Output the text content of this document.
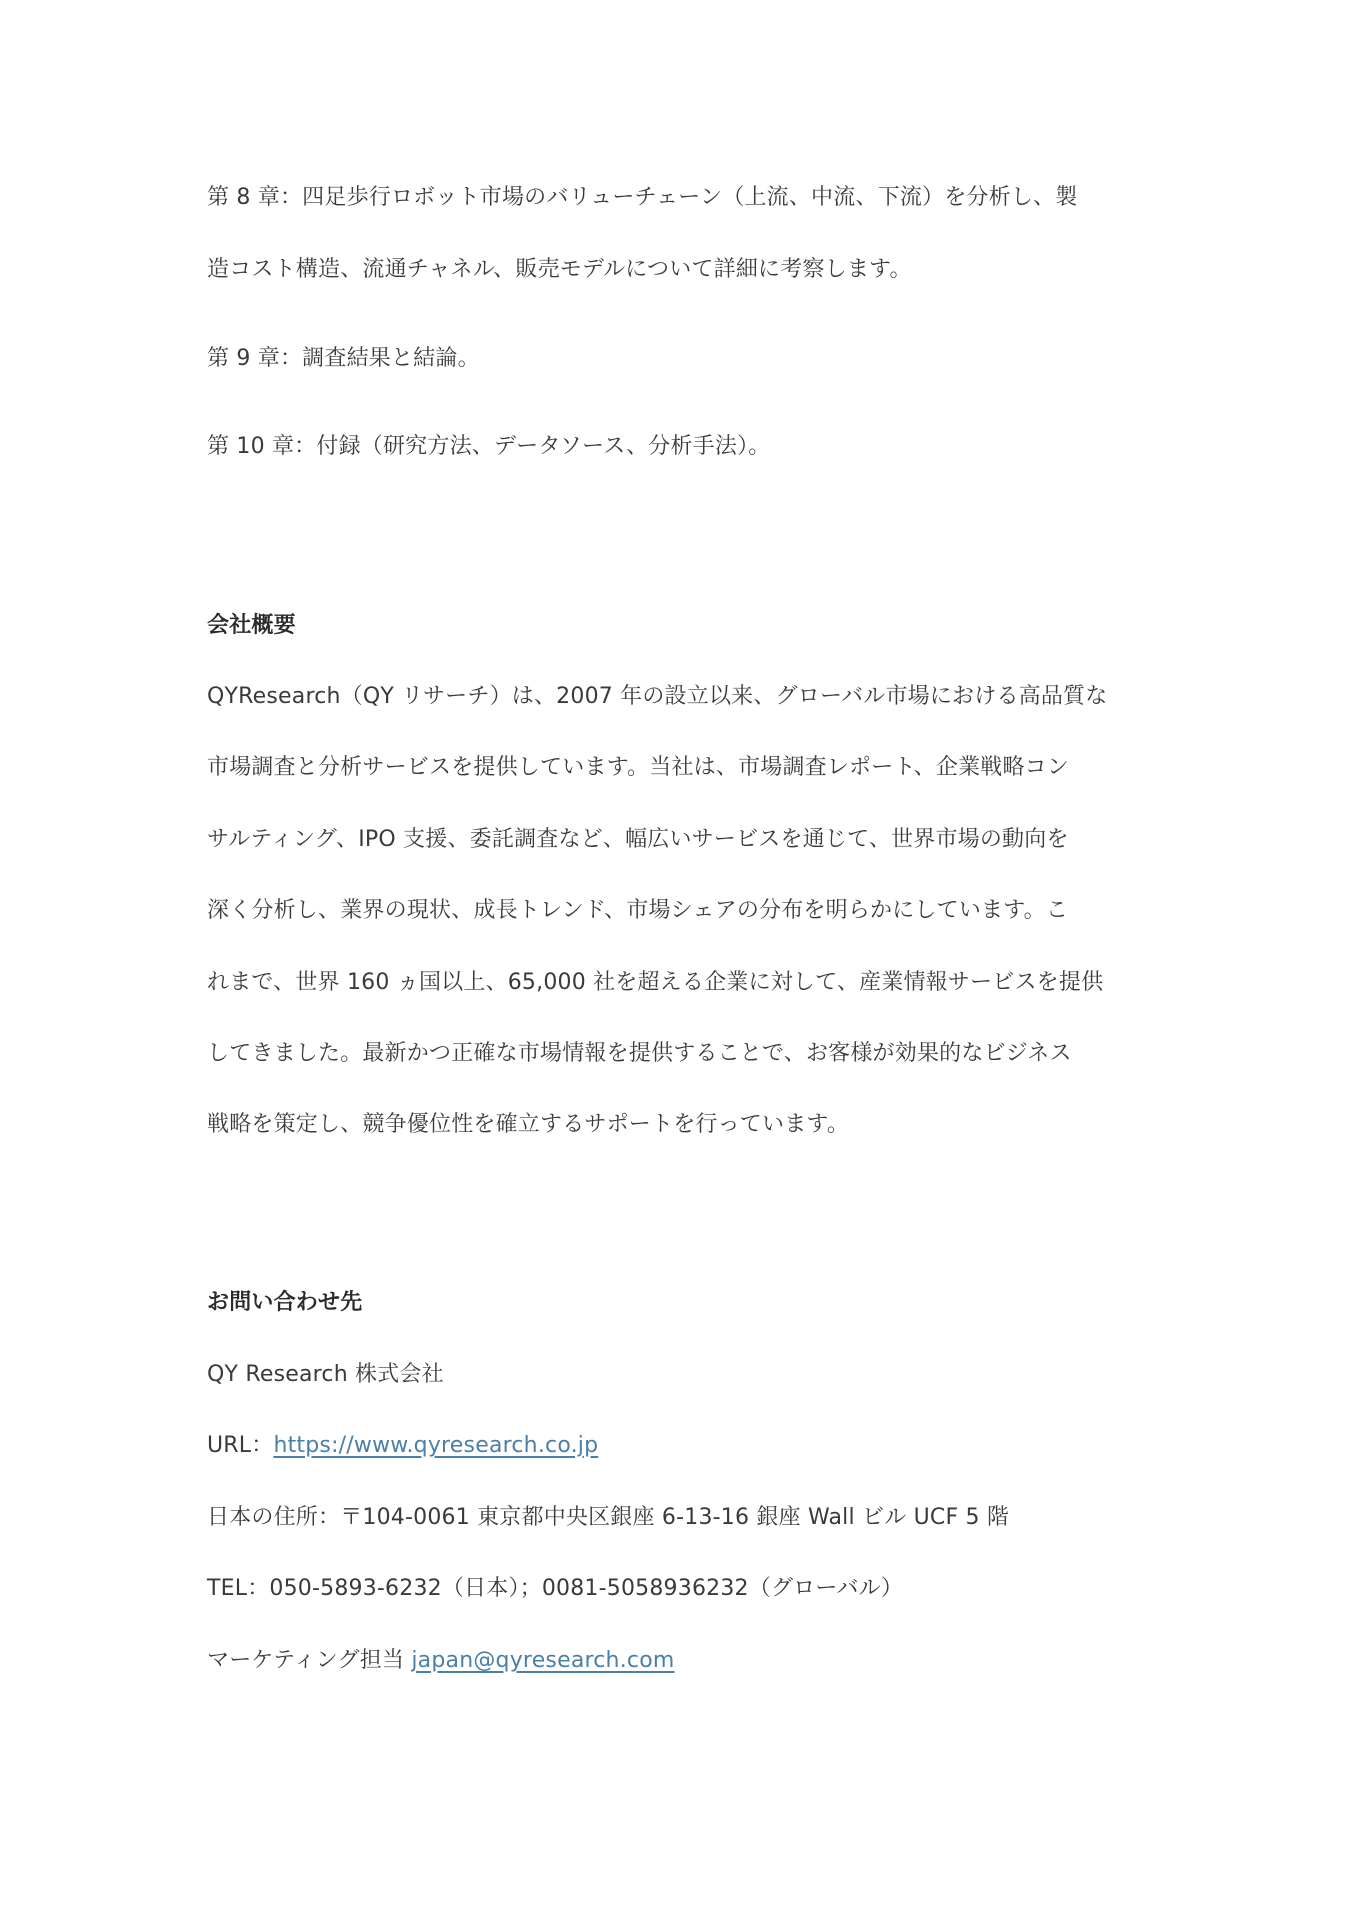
第 8 章：四足歩行ロボット市場のバリューチェーン（上流、中流、下流）を分析し、製
造コスト構造、流通チャネル、販売モデルについて詳細に考察します。
第 9 章：調査結果と結論。
第 10 章：付録（研究方法、データソース、分析手法）。
会社概要
QYResearch（QY リサーチ）は、2007 年の設立以来、グローバル市場における高品質な
市場調査と分析サービスを提供しています。当社は、市場調査レポート、企業戦略コン
サルティング、IPO 支援、委託調査など、幅広いサービスを通じて、世界市場の動向を
深く分析し、業界の現状、成長トレンド、市場シェアの分布を明らかにしています。こ
れまで、世界 160 ヵ国以上、65,000 社を超える企業に対して、産業情報サービスを提供
してきました。最新かつ正確な市場情報を提供することで、お客様が効果的なビジネス
戦略を策定し、競争優位性を確立するサポートを行っています。
お問い合わせ先
QY Research 株式会社
URL：https://www.qyresearch.co.jp
日本の住所：〒104-0061 東京都中央区銀座 6-13-16 銀座 Wall ビル UCF 5 階
TEL：050-5893-6232（日本）；0081-5058936232（グローバル）
マーケティング担当 japan@qyresearch.com
